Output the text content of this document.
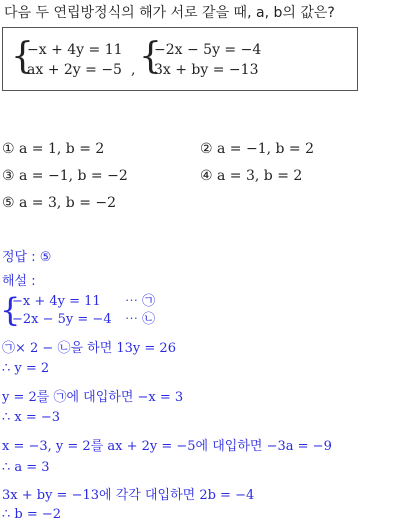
다음 두 연립방정식의 해가 서로 같을 때, a, b의 값은?
{
−x + 4y = 11
ax + 2y = −5 , {
−2x − 5y = −4
3x + by = −13
① a = 1, b = 2	② a = −1, b = 2
③ a = −1, b = −2	④ a = 3, b = 2
⑤ a = 3, b = −2
정답 : ⑤
해설 :
{
−x + 4y = 11 ⋯ ㉠
−2x − 5y = −4 ⋯ ㉡
㉠× 2 − ㉡을 하면 13y = 26
∴ y = 2
y = 2를 ㉠에 대입하면 −x = 3
∴ x = −3
x = −3, y = 2를 ax + 2y = −5에 대입하면 −3a = −9
∴ a = 3
3x + by = −13에 각각 대입하면 2b = −4
∴ b = −2
